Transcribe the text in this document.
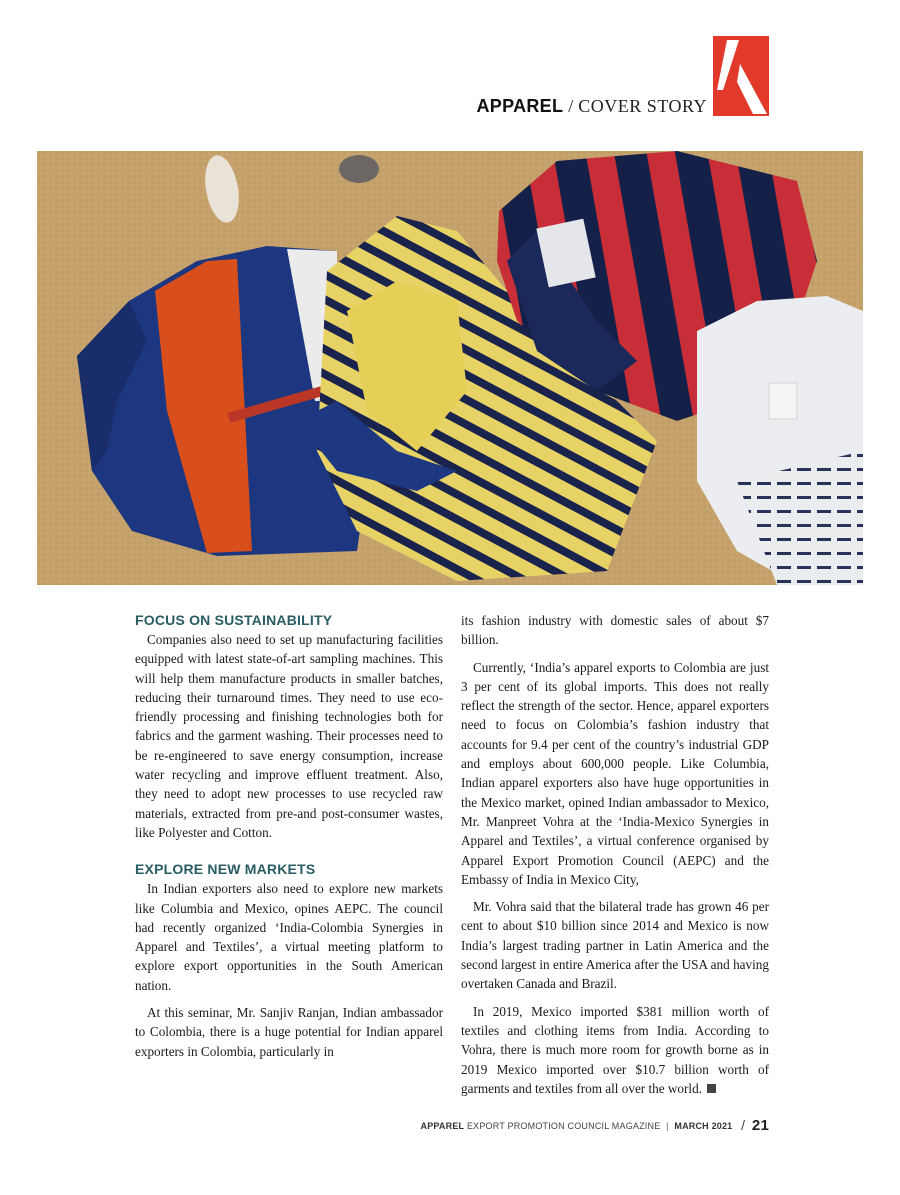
APPAREL / COVER STORY
FOCUS ON SUSTAINABILITY

Companies also need to set up manufacturing facilities equipped with latest state-of-art sampling machines. This will help them manufacture products in smaller batches, reducing their turnaround times. They need to use eco-friendly processing and finishing technologies both for fabrics and the garment washing. Their processes need to be re-engineered to save energy consumption, increase water recycling and improve effluent treatment. Also, they need to adopt new processes to use recycled raw materials, extracted from pre-and post-consumer wastes, like Polyester and Cotton.

EXPLORE NEW MARKETS

In Indian exporters also need to explore new markets like Columbia and Mexico, opines AEPC. The council had recently organized ‘India-Colombia Synergies in Apparel and Textiles’, a virtual meeting platform to explore export opportunities in the South American nation.

At this seminar, Mr. Sanjiv Ranjan, Indian ambassador to Colombia, there is a huge potential for Indian apparel exporters in Colombia, particularly in

its fashion industry with domestic sales of about $7 billion.

Currently, ‘India’s apparel exports to Colombia are just 3 per cent of its global imports. This does not really reflect the strength of the sector. Hence, apparel exporters need to focus on Colombia’s fashion industry that accounts for 9.4 per cent of the country’s industrial GDP and employs about 600,000 people. Like Columbia, Indian apparel exporters also have huge opportunities in the Mexico market, opined Indian ambassador to Mexico, Mr. Manpreet Vohra at the ‘India-Mexico Synergies in Apparel and Textiles’, a virtual conference organised by Apparel Export Promotion Council (AEPC) and the Embassy of India in Mexico City,

Mr. Vohra said that the bilateral trade has grown 46 per cent to about $10 billion since 2014 and Mexico is now India’s largest trading partner in Latin America and the second largest in entire America after the USA and having overtaken Canada and Brazil.

In 2019, Mexico imported $381 million worth of textiles and clothing items from India. According to Vohra, there is much more room for growth borne as in 2019 Mexico imported over $10.7 billion worth of garments and textiles from all over the world.

APPAREL EXPORT PROMOTION COUNCIL MAGAZINE | MARCH 2021 / 21
